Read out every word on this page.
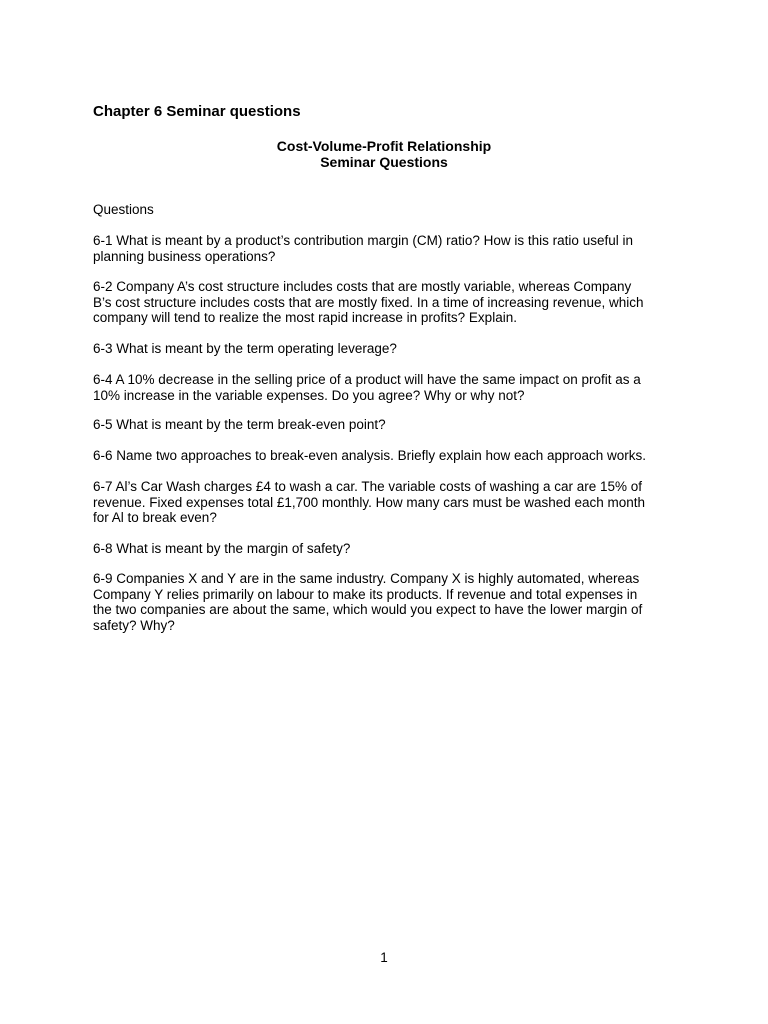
Chapter 6 Seminar questions
Cost-Volume-Profit Relationship
Seminar Questions

Questions

6-1 What is meant by a product’s contribution margin (CM) ratio? How is this ratio useful in
planning business operations?

6-2 Company A’s cost structure includes costs that are mostly variable, whereas Company
B’s cost structure includes costs that are mostly fixed. In a time of increasing revenue, which
company will tend to realize the most rapid increase in profits? Explain.

6-3 What is meant by the term operating leverage?

6-4 A 10% decrease in the selling price of a product will have the same impact on profit as a
10% increase in the variable expenses. Do you agree? Why or why not?

6-5 What is meant by the term break-even point?

6-6 Name two approaches to break-even analysis. Briefly explain how each approach works.

6-7 Al’s Car Wash charges £4 to wash a car. The variable costs of washing a car are 15% of
revenue. Fixed expenses total £1,700 monthly. How many cars must be washed each month
for Al to break even?

6-8 What is meant by the margin of safety?

6-9 Companies X and Y are in the same industry. Company X is highly automated, whereas
Company Y relies primarily on labour to make its products. If revenue and total expenses in
the two companies are about the same, which would you expect to have the lower margin of
safety? Why?

1
